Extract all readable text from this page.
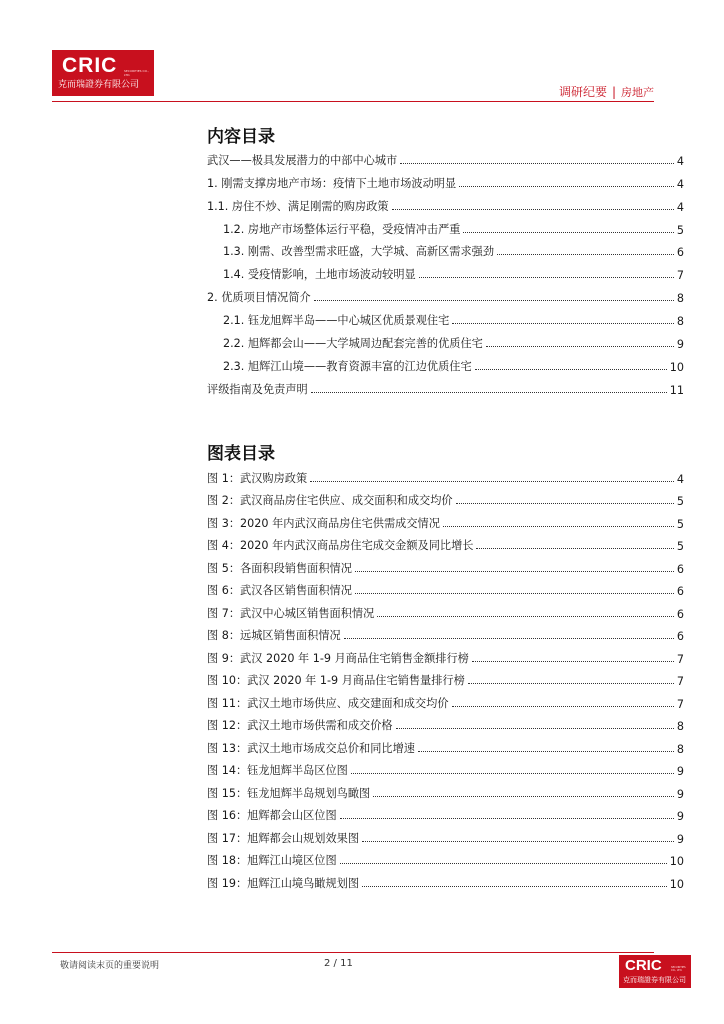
CRIC SECURITIES CO., LTD.
克而瑞證券有限公司	调研纪要 | 房地产
内容目录
武汉——极具发展潜力的中部中心城市	4
1. 刚需支撑房地产市场：疫情下土地市场波动明显	4
1.1. 房住不炒、满足刚需的购房政策	4
1.2. 房地产市场整体运行平稳，受疫情冲击严重	5
1.3. 刚需、改善型需求旺盛，大学城、高新区需求强劲	6
1.4. 受疫情影响，土地市场波动较明显	7
2. 优质项目情况简介	8
2.1. 钰龙旭辉半岛——中心城区优质景观住宅	8
2.2. 旭辉都会山——大学城周边配套完善的优质住宅	9
2.3. 旭辉江山境——教育资源丰富的江边优质住宅	10
评级指南及免责声明	11
图表目录
图 1：武汉购房政策	4
图 2：武汉商品房住宅供应、成交面积和成交均价	5
图 3：2020 年内武汉商品房住宅供需成交情况	5
图 4：2020 年内武汉商品房住宅成交金额及同比增长	5
图 5：各面积段销售面积情况	6
图 6：武汉各区销售面积情况	6
图 7：武汉中心城区销售面积情况	6
图 8：远城区销售面积情况	6
图 9：武汉 2020 年 1-9 月商品住宅销售金额排行榜	7
图 10：武汉 2020 年 1-9 月商品住宅销售量排行榜	7
图 11：武汉土地市场供应、成交建面和成交均价	7
图 12：武汉土地市场供需和成交价格	8
图 13：武汉土地市场成交总价和同比增速	8
图 14：钰龙旭辉半岛区位图	9
图 15：钰龙旭辉半岛规划鸟瞰图	9
图 16：旭辉都会山区位图	9
图 17：旭辉都会山规划效果图	9
图 18：旭辉江山境区位图	10
图 19：旭辉江山境鸟瞰规划图	10
敬请阅读末页的重要说明	2 / 11	CRIC	SECURITIES CO., LTD.
克而瑞證券有限公司
